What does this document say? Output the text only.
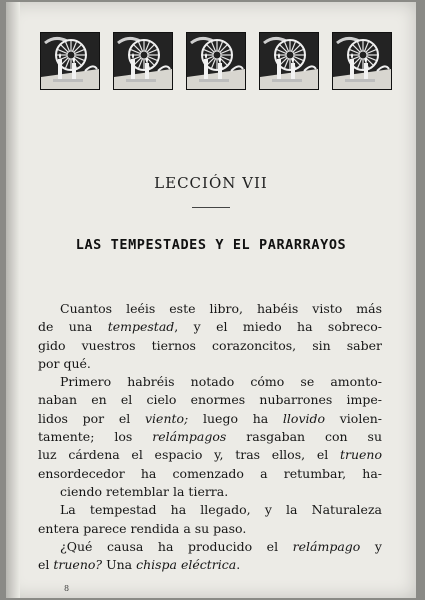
LECCIÓN VII
LAS TEMPESTADES Y EL PARARRAYOS
Cuantos leéis este libro, habéis visto más
de una tempestad, y el miedo ha sobreco-
gido vuestros tiernos corazoncitos, sin saber
por qué.
Primero habréis notado cómo se amonto-
naban en el cielo enormes nubarrones impe-
lidos por el viento; luego ha llovido violen-
tamente; los relámpagos rasgaban con su
luz cárdena el espacio y, tras ellos, el trueno
ensordecedor ha comenzado a retumbar, ha-
ciendo retemblar la tierra.
La tempestad ha llegado, y la Naturaleza
entera parece rendida a su paso.
¿Qué causa ha producido el relámpago y
el trueno? Una chispa eléctrica.
8
